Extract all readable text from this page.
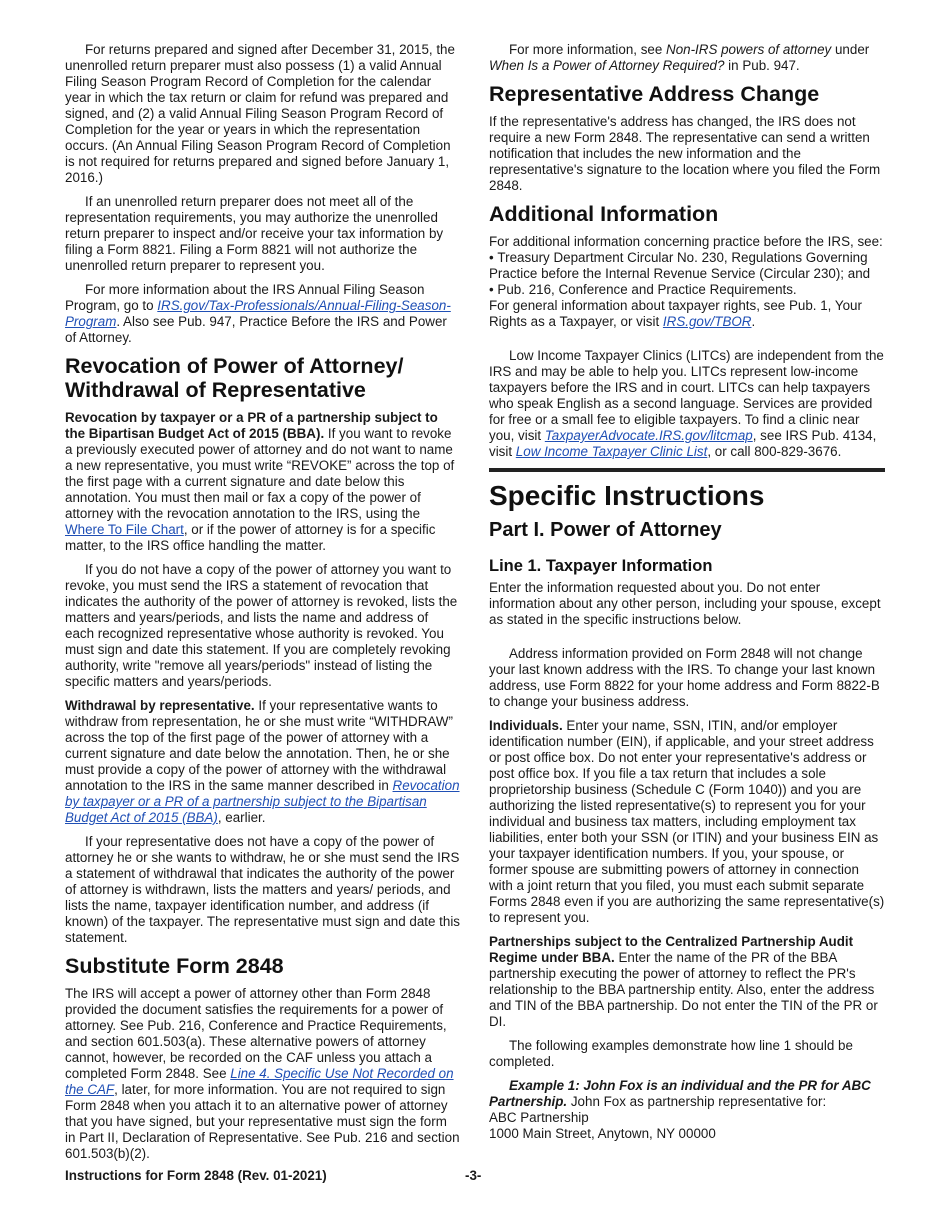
For returns prepared and signed after December 31, 2015, the unenrolled return preparer must also possess (1) a valid Annual Filing Season Program Record of Completion for the calendar year in which the tax return or claim for refund was prepared and signed, and (2) a valid Annual Filing Season Program Record of Completion for the year or years in which the representation occurs. (An Annual Filing Season Program Record of Completion is not required for returns prepared and signed before January 1, 2016.)

If an unenrolled return preparer does not meet all of the representation requirements, you may authorize the unenrolled return preparer to inspect and/or receive your tax information by filing a Form 8821. Filing a Form 8821 will not authorize the unenrolled return preparer to represent you.

For more information about the IRS Annual Filing Season Program, go to IRS.gov/Tax-Professionals/Annual-Filing-Season-Program. Also see Pub. 947, Practice Before the IRS and Power of Attorney.

Revocation of Power of Attorney/ Withdrawal of Representative

Revocation by taxpayer or a PR of a partnership subject to the Bipartisan Budget Act of 2015 (BBA). If you want to revoke a previously executed power of attorney and do not want to name a new representative, you must write “REVOKE” across the top of the first page with a current signature and date below this annotation. You must then mail or fax a copy of the power of attorney with the revocation annotation to the IRS, using the Where To File Chart, or if the power of attorney is for a specific matter, to the IRS office handling the matter.

If you do not have a copy of the power of attorney you want to revoke, you must send the IRS a statement of revocation that indicates the authority of the power of attorney is revoked, lists the matters and years/periods, and lists the name and address of each recognized representative whose authority is revoked. You must sign and date this statement. If you are completely revoking authority, write "remove all years/periods" instead of listing the specific matters and years/periods.

Withdrawal by representative. If your representative wants to withdraw from representation, he or she must write “WITHDRAW” across the top of the first page of the power of attorney with a current signature and date below the annotation. Then, he or she must provide a copy of the power of attorney with the withdrawal annotation to the IRS in the same manner described in Revocation by taxpayer or a PR of a partnership subject to the Bipartisan Budget Act of 2015 (BBA), earlier.

If your representative does not have a copy of the power of attorney he or she wants to withdraw, he or she must send the IRS a statement of withdrawal that indicates the authority of the power of attorney is withdrawn, lists the matters and years/ periods, and lists the name, taxpayer identification number, and address (if known) of the taxpayer. The representative must sign and date this statement.

Substitute Form 2848

The IRS will accept a power of attorney other than Form 2848 provided the document satisfies the requirements for a power of attorney. See Pub. 216, Conference and Practice Requirements, and section 601.503(a). These alternative powers of attorney cannot, however, be recorded on the CAF unless you attach a completed Form 2848. See Line 4. Specific Use Not Recorded on the CAF, later, for more information. You are not required to sign Form 2848 when you attach it to an alternative power of attorney that you have signed, but your representative must sign the form in Part II, Declaration of Representative. See Pub. 216 and section 601.503(b)(2).

For more information, see Non-IRS powers of attorney under When Is a Power of Attorney Required? in Pub. 947.

Representative Address Change

If the representative's address has changed, the IRS does not require a new Form 2848. The representative can send a written notification that includes the new information and the representative's signature to the location where you filed the Form 2848.

Additional Information

For additional information concerning practice before the IRS, see:

• Treasury Department Circular No. 230, Regulations Governing Practice before the Internal Revenue Service (Circular 230); and

• Pub. 216, Conference and Practice Requirements.

For general information about taxpayer rights, see Pub. 1, Your Rights as a Taxpayer, or visit IRS.gov/TBOR.

Low Income Taxpayer Clinics (LITCs) are independent from the IRS and may be able to help you. LITCs represent low-income taxpayers before the IRS and in court. LITCs can help taxpayers who speak English as a second language. Services are provided for free or a small fee to eligible taxpayers. To find a clinic near you, visit TaxpayerAdvocate.IRS.gov/litcmap, see IRS Pub. 4134, visit Low Income Taxpayer Clinic List, or call 800-829-3676.

Specific Instructions
Part I. Power of Attorney
Line 1. Taxpayer Information

Enter the information requested about you. Do not enter information about any other person, including your spouse, except as stated in the specific instructions below.

Address information provided on Form 2848 will not change your last known address with the IRS. To change your last known address, use Form 8822 for your home address and Form 8822-B to change your business address.

Individuals. Enter your name, SSN, ITIN, and/or employer identification number (EIN), if applicable, and your street address or post office box. Do not enter your representative's address or post office box. If you file a tax return that includes a sole proprietorship business (Schedule C (Form 1040)) and you are authorizing the listed representative(s) to represent you for your individual and business tax matters, including employment tax liabilities, enter both your SSN (or ITIN) and your business EIN as your taxpayer identification numbers. If you, your spouse, or former spouse are submitting powers of attorney in connection with a joint return that you filed, you must each submit separate Forms 2848 even if you are authorizing the same representative(s) to represent you.

Partnerships subject to the Centralized Partnership Audit Regime under BBA. Enter the name of the PR of the BBA partnership executing the power of attorney to reflect the PR's relationship to the BBA partnership entity. Also, enter the address and TIN of the BBA partnership. Do not enter the TIN of the PR or DI.

The following examples demonstrate how line 1 should be completed.

Example 1: John Fox is an individual and the PR for ABC Partnership. John Fox as partnership representative for:

ABC Partnership

1000 Main Street, Anytown, NY 00000

Instructions for Form 2848 (Rev. 01-2021)	-3-
